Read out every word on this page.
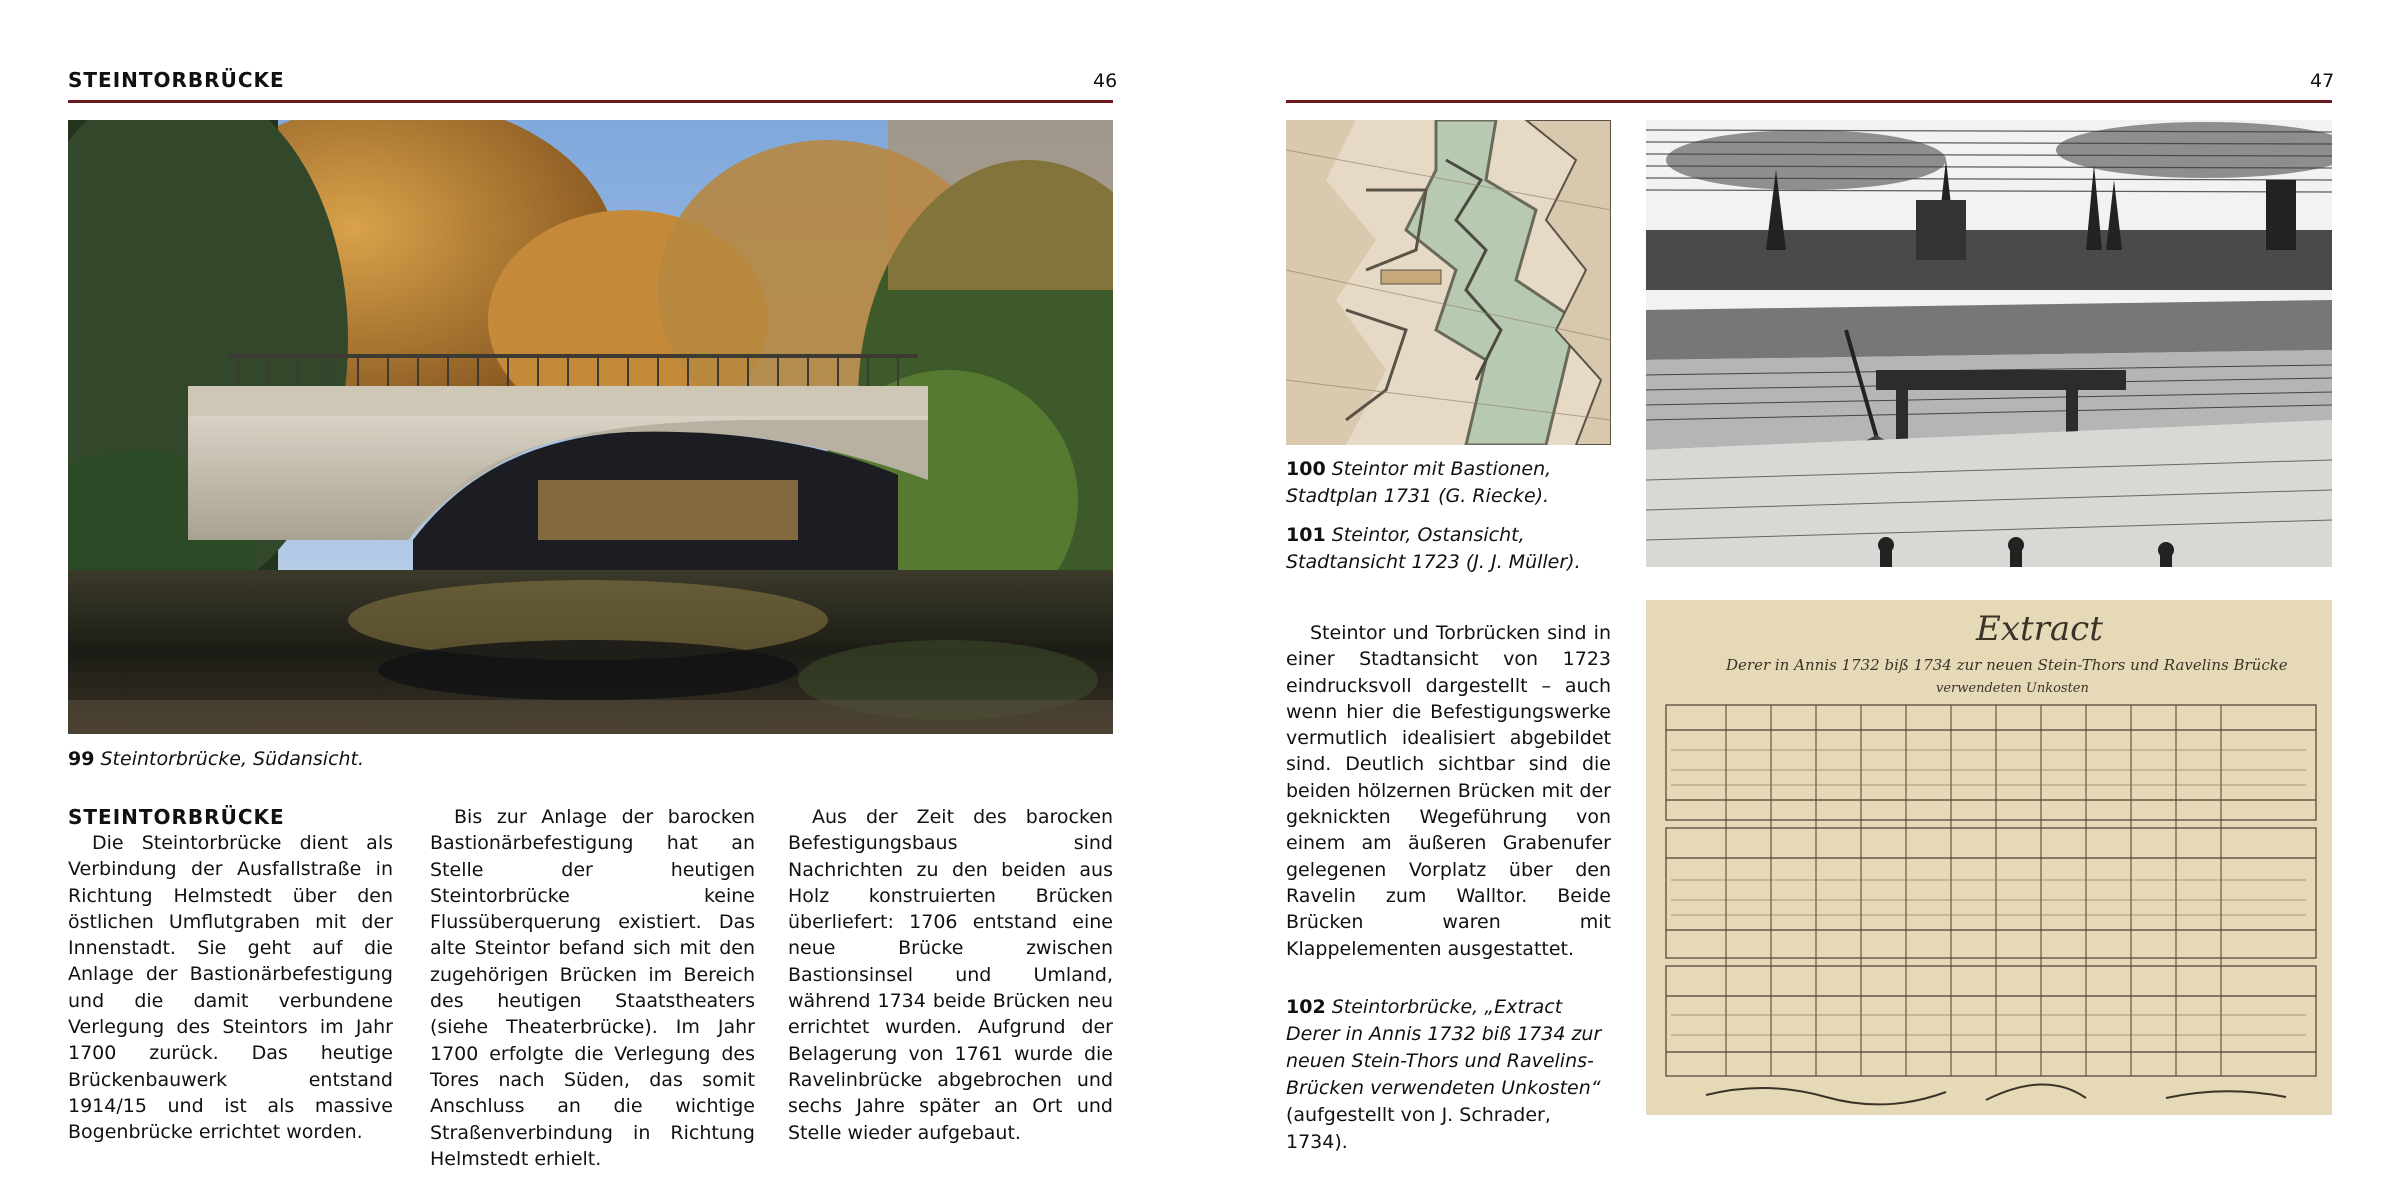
STEINTORBRÜCKE	46
99 Steintorbrücke, Südansicht.
STEINTORBRÜCKE

Die Steintorbrücke dient als Verbindung der Ausfallstraße in Richtung Helmstedt über den östlichen Umflutgraben mit der Innenstadt. Sie geht auf die Anlage der Bastionärbefestigung und die damit verbundene Verlegung des Steintors im Jahr 1700 zurück. Das heutige Brückenbauwerk entstand 1914/15 und ist als massive Bogenbrücke errichtet worden.

Bis zur Anlage der barocken Bastionärbefestigung hat an Stelle der heutigen Steintorbrücke keine Flussüberquerung existiert. Das alte Steintor befand sich mit den zugehörigen Brücken im Bereich des heutigen Staatstheaters (siehe Theaterbrücke). Im Jahr 1700 erfolgte die Verlegung des Tores nach Süden, das somit Anschluss an die wichtige Straßenverbindung in Richtung Helmstedt erhielt.

Aus der Zeit des barocken Befestigungsbaus sind Nachrichten zu den beiden aus Holz konstruierten Brücken überliefert: 1706 entstand eine neue Brücke zwischen Bastionsinsel und Umland, während 1734 beide Brücken neu errichtet wurden. Aufgrund der Belagerung von 1761 wurde die Ravelinbrücke abgebrochen und sechs Jahre später an Ort und Stelle wieder aufgebaut.

47
100 Steintor mit Bastionen, Stadtplan 1731 (G. Riecke).
101 Steintor, Ostansicht, Stadtansicht 1723 (J. J. Müller).

Steintor und Torbrücken sind in einer Stadtansicht von 1723 eindrucksvoll dargestellt – auch wenn hier die Befestigungswerke vermutlich idealisiert abgebildet sind. Deutlich sichtbar sind die beiden hölzernen Brücken mit der geknickten Wegeführung von einem am äußeren Grabenufer gelegenen Vorplatz über den Ravelin zum Walltor. Beide Brücken waren mit Klappelementen ausgestattet.

102 Steintorbrücke, „Extract Derer in Annis 1732 biß 1734 zur neuen Stein-Thors und Ravelins-Brücken verwendeten Unkosten“ (aufgestellt von J. Schrader, 1734).
Extract
Derer in Annis 1732 biß 1734 zur neuen Stein-Thors und Ravelins Brücke
verwendeten Unkosten
